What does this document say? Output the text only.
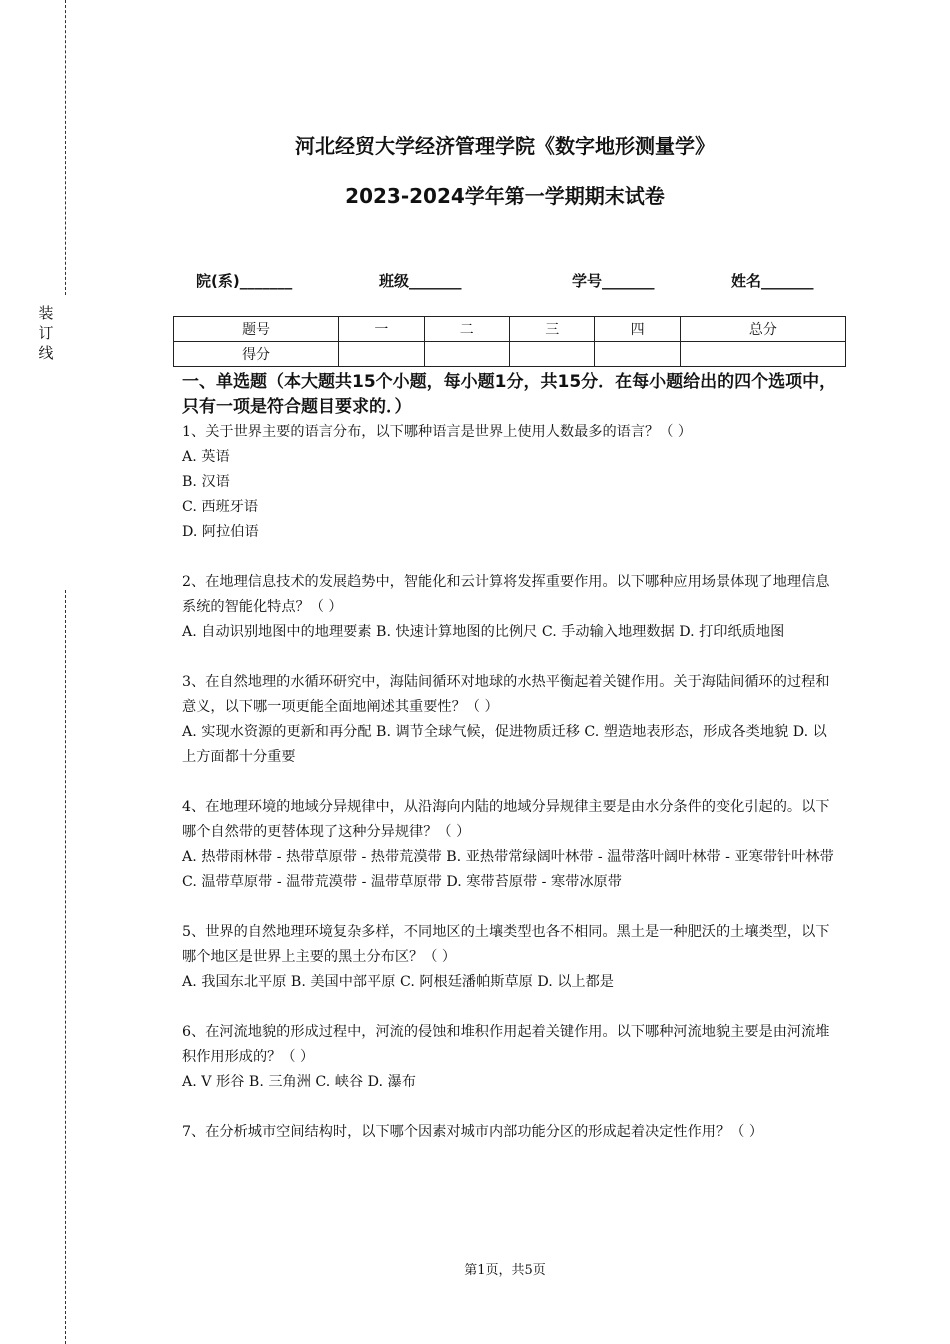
装订线
河北经贸大学经济管理学院《数字地形测量学》
2023-2024学年第一学期期末试卷
院(系)_______	班级_______	学号_______	姓名_______
题号	一	二	三	四	总分
得分					
一、单选题（本大题共15个小题，每小题1分，共15分．在每小题给出的四个选项中，只有一项是符合题目要求的．）

1、关于世界主要的语言分布，以下哪种语言是世界上使用人数最多的语言？（ ）

A. 英语

B. 汉语

C. 西班牙语

D. 阿拉伯语

2、在地理信息技术的发展趋势中，智能化和云计算将发挥重要作用。以下哪种应用场景体现了地理信息系统的智能化特点？（ ）

A. 自动识别地图中的地理要素 B. 快速计算地图的比例尺 C. 手动输入地理数据 D. 打印纸质地图

3、在自然地理的水循环研究中，海陆间循环对地球的水热平衡起着关键作用。关于海陆间循环的过程和意义，以下哪一项更能全面地阐述其重要性？（ ）

A. 实现水资源的更新和再分配 B. 调节全球气候，促进物质迁移 C. 塑造地表形态，形成各类地貌 D. 以上方面都十分重要

4、在地理环境的地域分异规律中，从沿海向内陆的地域分异规律主要是由水分条件的变化引起的。以下哪个自然带的更替体现了这种分异规律？（ ）

A. 热带雨林带 - 热带草原带 - 热带荒漠带 B. 亚热带常绿阔叶林带 - 温带落叶阔叶林带 - 亚寒带针叶林带 C. 温带草原带 - 温带荒漠带 - 温带草原带 D. 寒带苔原带 - 寒带冰原带

5、世界的自然地理环境复杂多样，不同地区的土壤类型也各不相同。黑土是一种肥沃的土壤类型，以下哪个地区是世界上主要的黑土分布区？（ ）

A. 我国东北平原 B. 美国中部平原 C. 阿根廷潘帕斯草原 D. 以上都是

6、在河流地貌的形成过程中，河流的侵蚀和堆积作用起着关键作用。以下哪种河流地貌主要是由河流堆积作用形成的？（ ）

A. V 形谷 B. 三角洲 C. 峡谷 D. 瀑布

7、在分析城市空间结构时，以下哪个因素对城市内部功能分区的形成起着决定性作用？（ ）

第1页，共5页
